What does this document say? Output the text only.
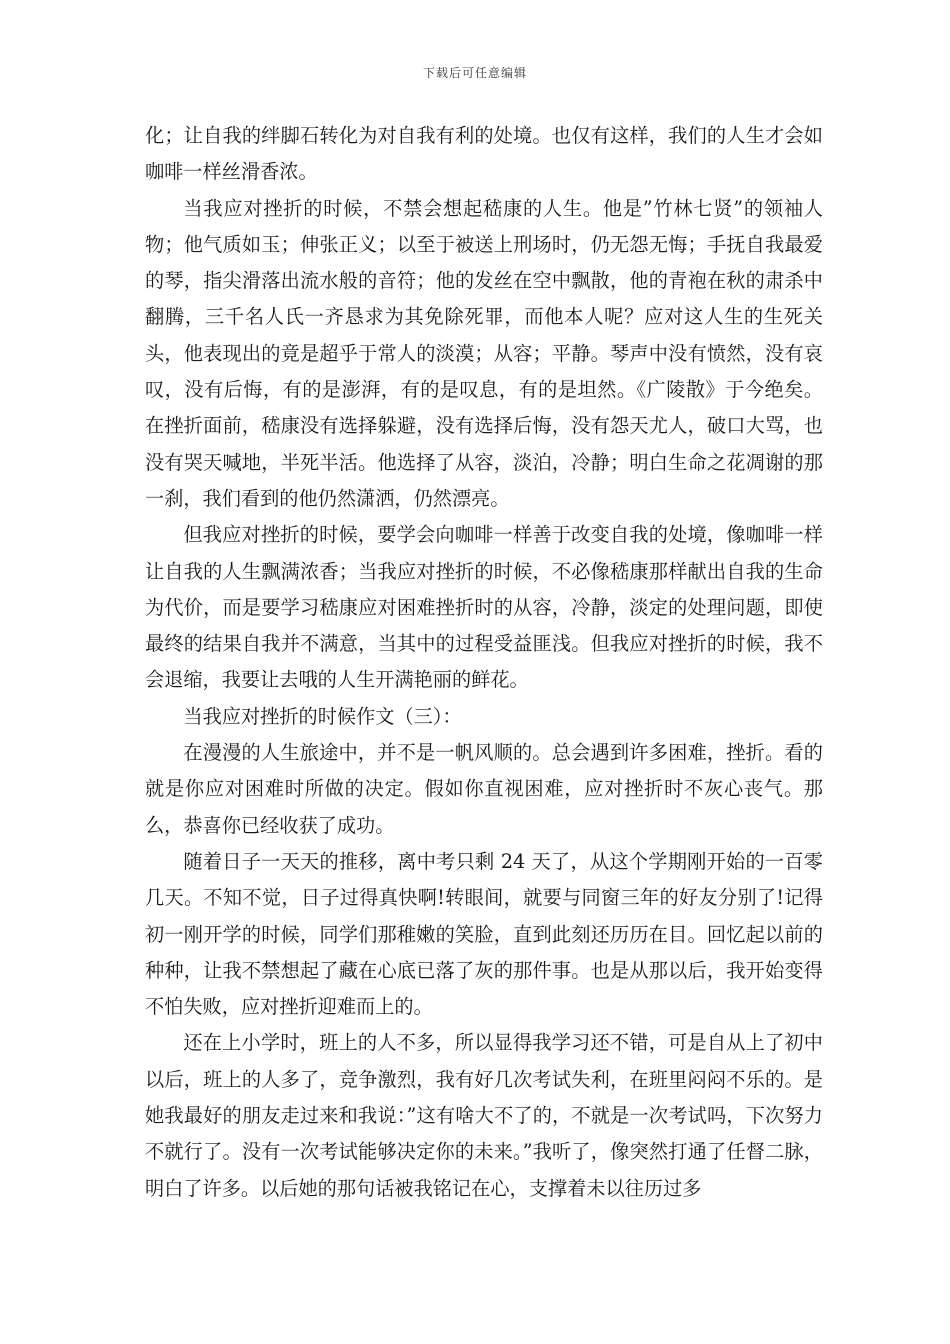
下载后可任意编辑

化；让自我的绊脚石转化为对自我有利的处境。也仅有这样，我们的人生才会如咖啡一样丝滑香浓。

当我应对挫折的时候，不禁会想起嵇康的人生。他是”竹林七贤”的领袖人物；他气质如玉；伸张正义；以至于被送上刑场时，仍无怨无悔；手抚自我最爱的琴，指尖滑落出流水般的音符；他的发丝在空中飘散，他的青袍在秋的肃杀中翻腾，三千名人氏一齐恳求为其免除死罪，而他本人呢？应对这人生的生死关头，他表现出的竟是超乎于常人的淡漠；从容；平静。琴声中没有愤然，没有哀叹，没有后悔，有的是澎湃，有的是叹息，有的是坦然。《广陵散》于今绝矣。在挫折面前，嵇康没有选择躲避，没有选择后悔，没有怨天尤人，破口大骂，也没有哭天喊地，半死半活。他选择了从容，淡泊，冷静；明白生命之花凋谢的那一刹，我们看到的他仍然潇洒，仍然漂亮。

但我应对挫折的时候，要学会向咖啡一样善于改变自我的处境，像咖啡一样让自我的人生飘满浓香；当我应对挫折的时候，不必像嵇康那样献出自我的生命为代价，而是要学习嵇康应对困难挫折时的从容，冷静，淡定的处理问题，即使最终的结果自我并不满意，当其中的过程受益匪浅。但我应对挫折的时候，我不会退缩，我要让去哦的人生开满艳丽的鲜花。

当我应对挫折的时候作文（三）：

在漫漫的人生旅途中，并不是一帆风顺的。总会遇到许多困难，挫折。看的就是你应对困难时所做的决定。假如你直视困难，应对挫折时不灰心丧气。那么，恭喜你已经收获了成功。

随着日子一天天的推移，离中考只剩 24 天了，从这个学期刚开始的一百零几天。不知不觉，日子过得真快啊!转眼间，就要与同窗三年的好友分别了!记得初一刚开学的时候，同学们那稚嫩的笑脸，直到此刻还历历在目。回忆起以前的种种，让我不禁想起了藏在心底已落了灰的那件事。也是从那以后，我开始变得不怕失败，应对挫折迎难而上的。

还在上小学时，班上的人不多，所以显得我学习还不错，可是自从上了初中以后，班上的人多了，竞争激烈，我有好几次考试失利，在班里闷闷不乐的。是她我最好的朋友走过来和我说：”这有啥大不了的，不就是一次考试吗，下次努力不就行了。没有一次考试能够决定你的未来。”我听了，像突然打通了任督二脉，明白了许多。以后她的那句话被我铭记在心，支撑着未以往历过多
